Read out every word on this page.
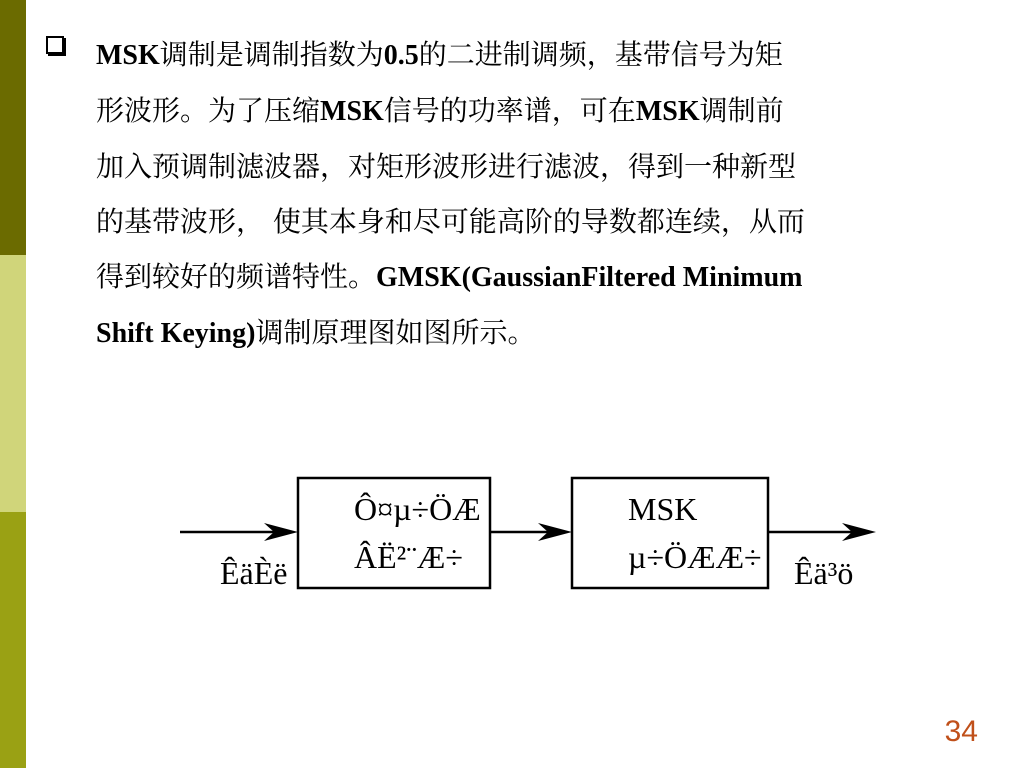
MSK调制是调制指数为0.5的二进制调频，基带信号为矩

形波形。为了压缩MSK信号的功率谱，可在MSK调制前

加入预调制滤波器，对矩形波形进行滤波，得到一种新型

的基带波形， 使其本身和尽可能高阶的导数都连续，从而

得到较好的频谱特性。GMSK(GaussianFiltered Minimum

Shift Keying)调制原理图如图所示。

Ô¤µ÷ÖÆ
ÂË²¨Æ÷
MSK
µ÷ÖÆÆ÷
ÊäÈë	Êä³ö
34
